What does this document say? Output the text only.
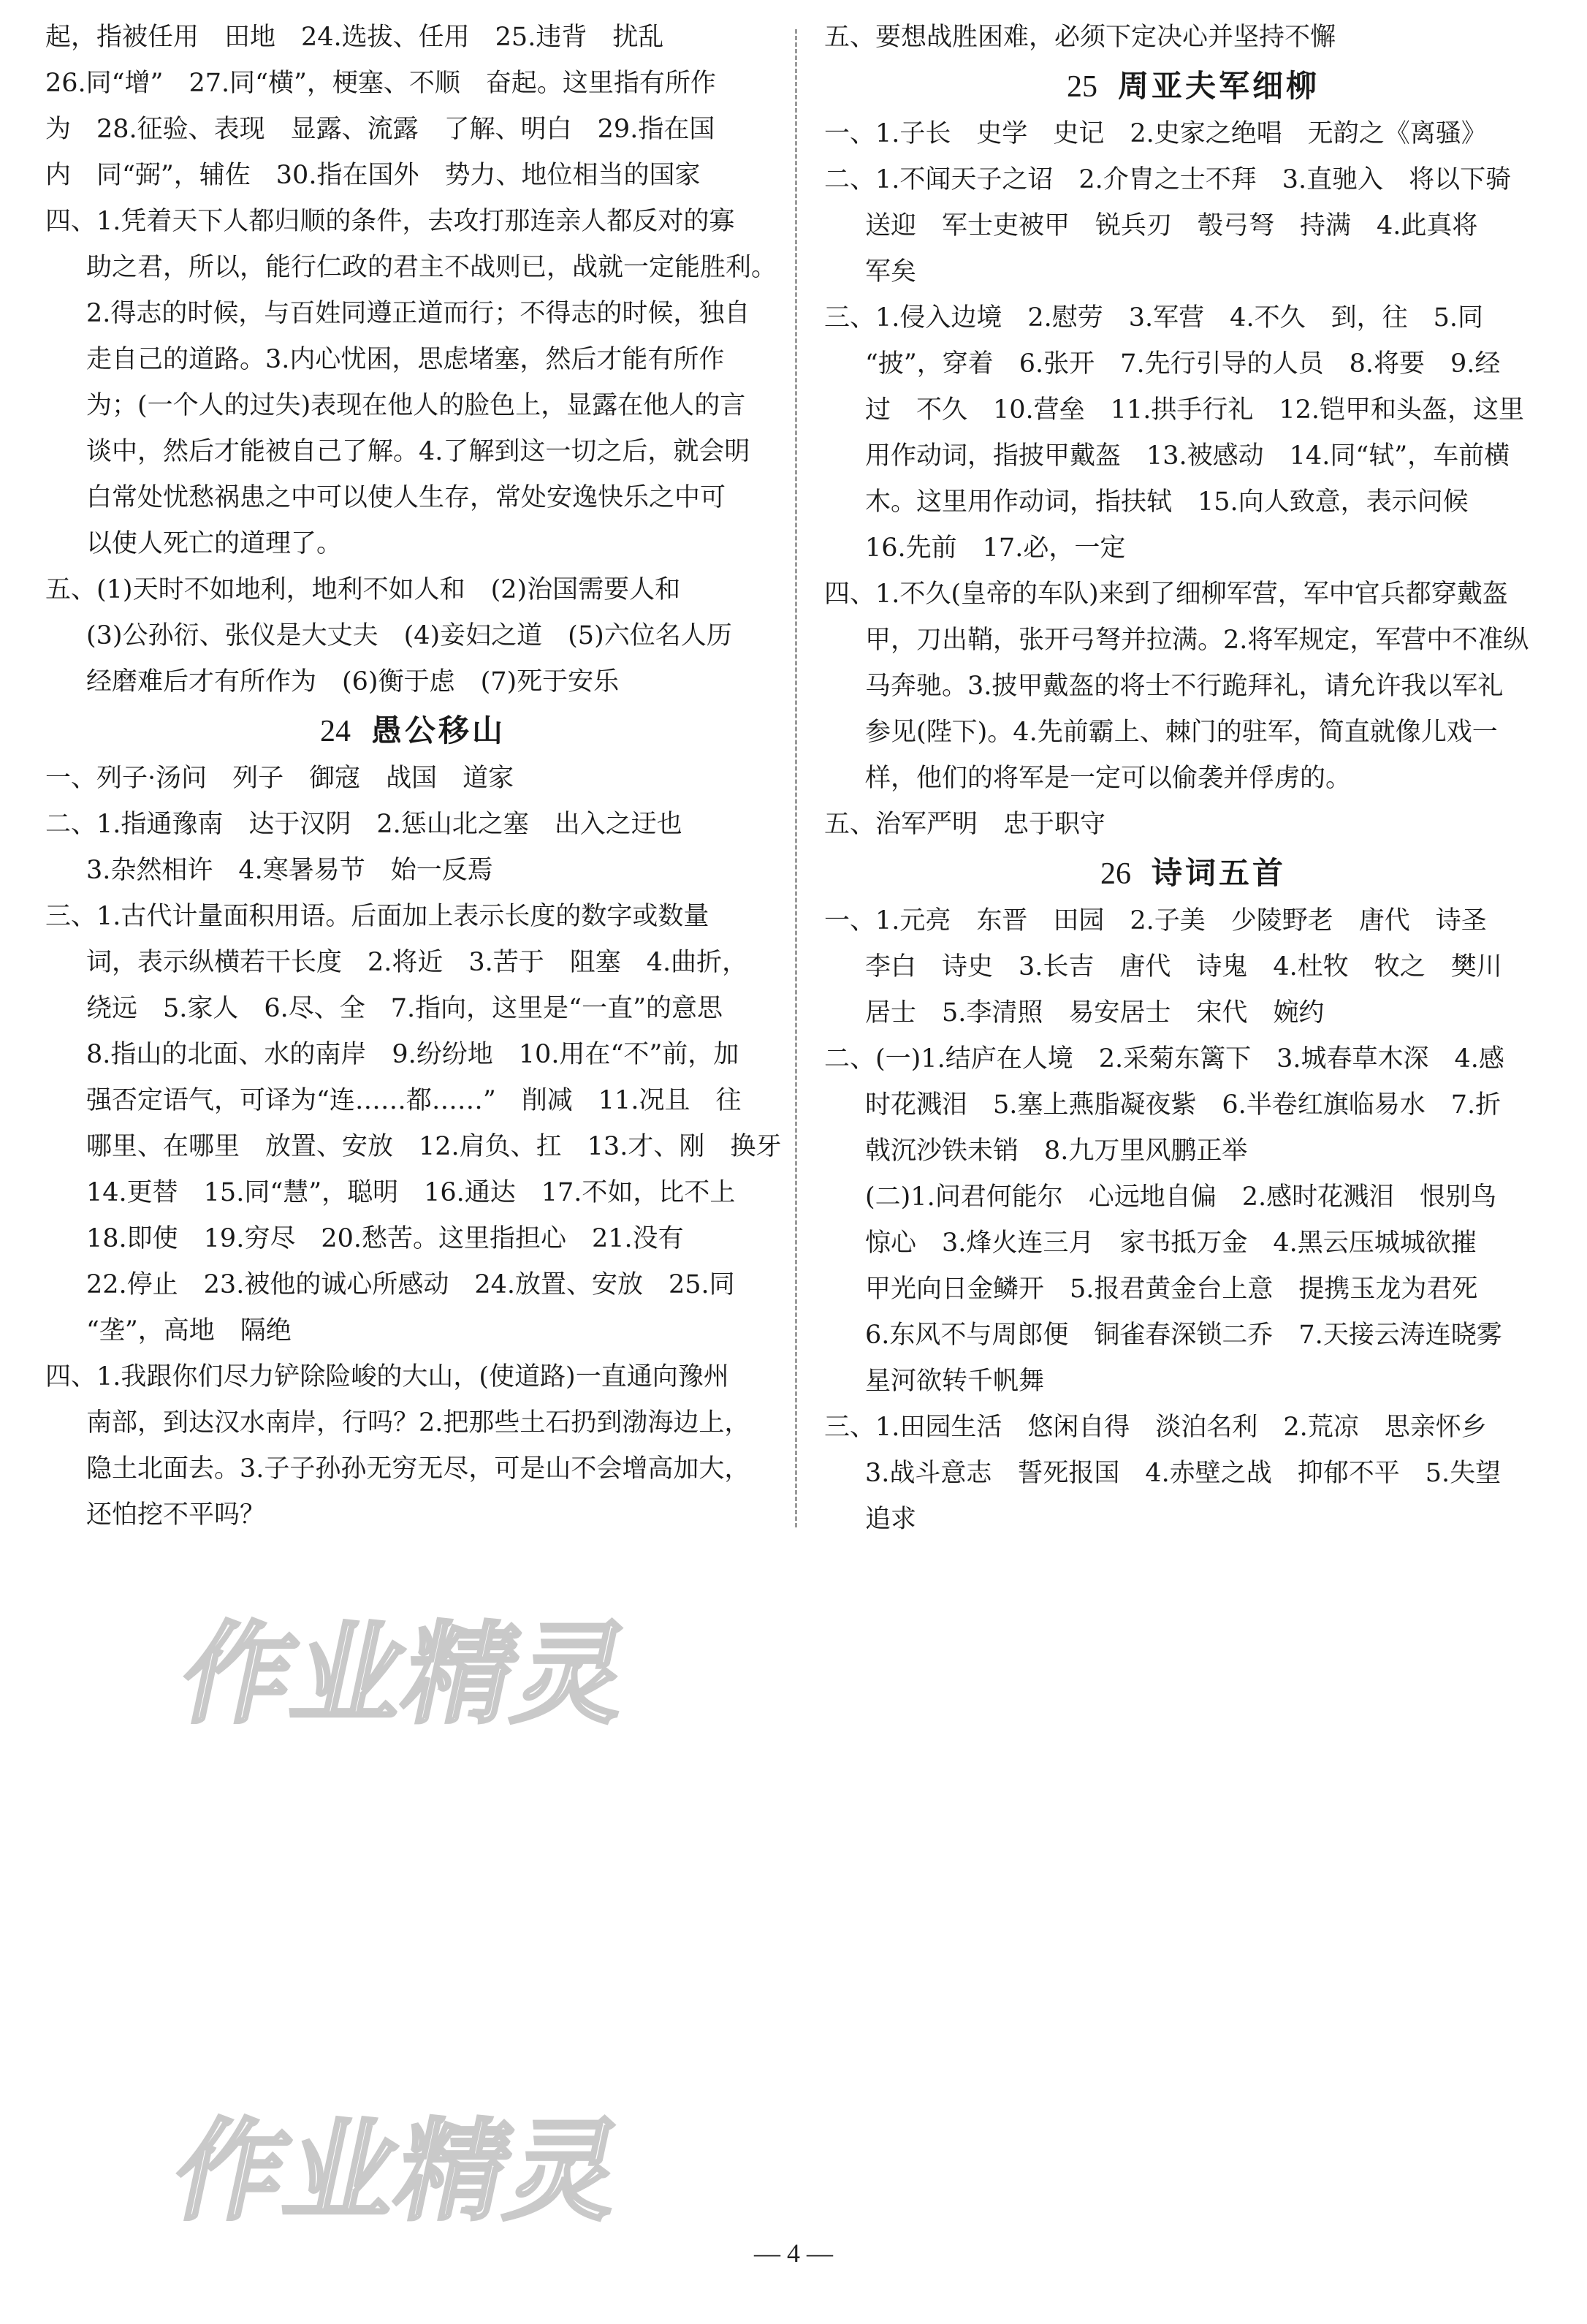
起，指被任用　田地　24.选拔、任用　25.违背　扰乱

26.同“增”　27.同“横”，梗塞、不顺　奋起。这里指有所作

为　28.征验、表现　显露、流露　了解、明白　29.指在国

内　同“弼”，辅佐　30.指在国外　势力、地位相当的国家

四、1.凭着天下人都归顺的条件，去攻打那连亲人都反对的寡

助之君，所以，能行仁政的君主不战则已，战就一定能胜利。

2.得志的时候，与百姓同遵正道而行；不得志的时候，独自

走自己的道路。3.内心忧困，思虑堵塞，然后才能有所作

为；(一个人的过失)表现在他人的脸色上，显露在他人的言

谈中，然后才能被自己了解。4.了解到这一切之后，就会明

白常处忧愁祸患之中可以使人生存，常处安逸快乐之中可

以使人死亡的道理了。

五、(1)天时不如地利，地利不如人和　(2)治国需要人和

(3)公孙衍、张仪是大丈夫　(4)妾妇之道　(5)六位名人历

经磨难后才有所作为　(6)衡于虑　(7)死于安乐

24 愚公移山

一、列子·汤问　列子　御寇　战国　道家

二、1.指通豫南　达于汉阴　2.惩山北之塞　出入之迂也

3.杂然相许　4.寒暑易节　始一反焉

三、1.古代计量面积用语。后面加上表示长度的数字或数量

词，表示纵横若干长度　2.将近　3.苦于　阻塞　4.曲折，

绕远　5.家人　6.尽、全　7.指向，这里是“一直”的意思

8.指山的北面、水的南岸　9.纷纷地　10.用在“不”前，加

强否定语气，可译为“连……都……”　削减　11.况且　往

哪里、在哪里　放置、安放　12.肩负、扛　13.才、刚　换牙

14.更替　15.同“慧”，聪明　16.通达　17.不如，比不上

18.即使　19.穷尽　20.愁苦。这里指担心　21.没有

22.停止　23.被他的诚心所感动　24.放置、安放　25.同

“垄”，高地　隔绝

四、1.我跟你们尽力铲除险峻的大山，(使道路)一直通向豫州

南部，到达汉水南岸，行吗？2.把那些土石扔到渤海边上，

隐土北面去。3.子子孙孙无穷无尽，可是山不会增高加大，

还怕挖不平吗？

五、要想战胜困难，必须下定决心并坚持不懈

25 周亚夫军细柳

一、1.子长　史学　史记　2.史家之绝唱　无韵之《离骚》

二、1.不闻天子之诏　2.介胄之士不拜　3.直驰入　将以下骑

送迎　军士吏被甲　锐兵刃　彀弓弩　持满　4.此真将

军矣

三、1.侵入边境　2.慰劳　3.军营　4.不久　到，往　5.同

“披”，穿着　6.张开　7.先行引导的人员　8.将要　9.经

过　不久　10.营垒　11.拱手行礼　12.铠甲和头盔，这里

用作动词，指披甲戴盔　13.被感动　14.同“轼”，车前横

木。这里用作动词，指扶轼　15.向人致意，表示问候

16.先前　17.必，一定

四、1.不久(皇帝的车队)来到了细柳军营，军中官兵都穿戴盔

甲，刀出鞘，张开弓弩并拉满。2.将军规定，军营中不准纵

马奔驰。3.披甲戴盔的将士不行跪拜礼，请允许我以军礼

参见(陛下)。4.先前霸上、棘门的驻军，简直就像儿戏一

样，他们的将军是一定可以偷袭并俘虏的。

五、治军严明　忠于职守

26 诗词五首

一、1.元亮　东晋　田园　2.子美　少陵野老　唐代　诗圣

李白　诗史　3.长吉　唐代　诗鬼　4.杜牧　牧之　樊川

居士　5.李清照　易安居士　宋代　婉约

二、(一)1.结庐在人境　2.采菊东篱下　3.城春草木深　4.感

时花溅泪　5.塞上燕脂凝夜紫　6.半卷红旗临易水　7.折

戟沉沙铁未销　8.九万里风鹏正举

(二)1.问君何能尔　心远地自偏　2.感时花溅泪　恨别鸟

惊心　3.烽火连三月　家书抵万金　4.黑云压城城欲摧

甲光向日金鳞开　5.报君黄金台上意　提携玉龙为君死

6.东风不与周郎便　铜雀春深锁二乔　7.天接云涛连晓雾

星河欲转千帆舞

三、1.田园生活　悠闲自得　淡泊名利　2.荒凉　思亲怀乡

3.战斗意志　誓死报国　4.赤壁之战　抑郁不平　5.失望

追求

作业精灵
作业精灵
— 4 —
